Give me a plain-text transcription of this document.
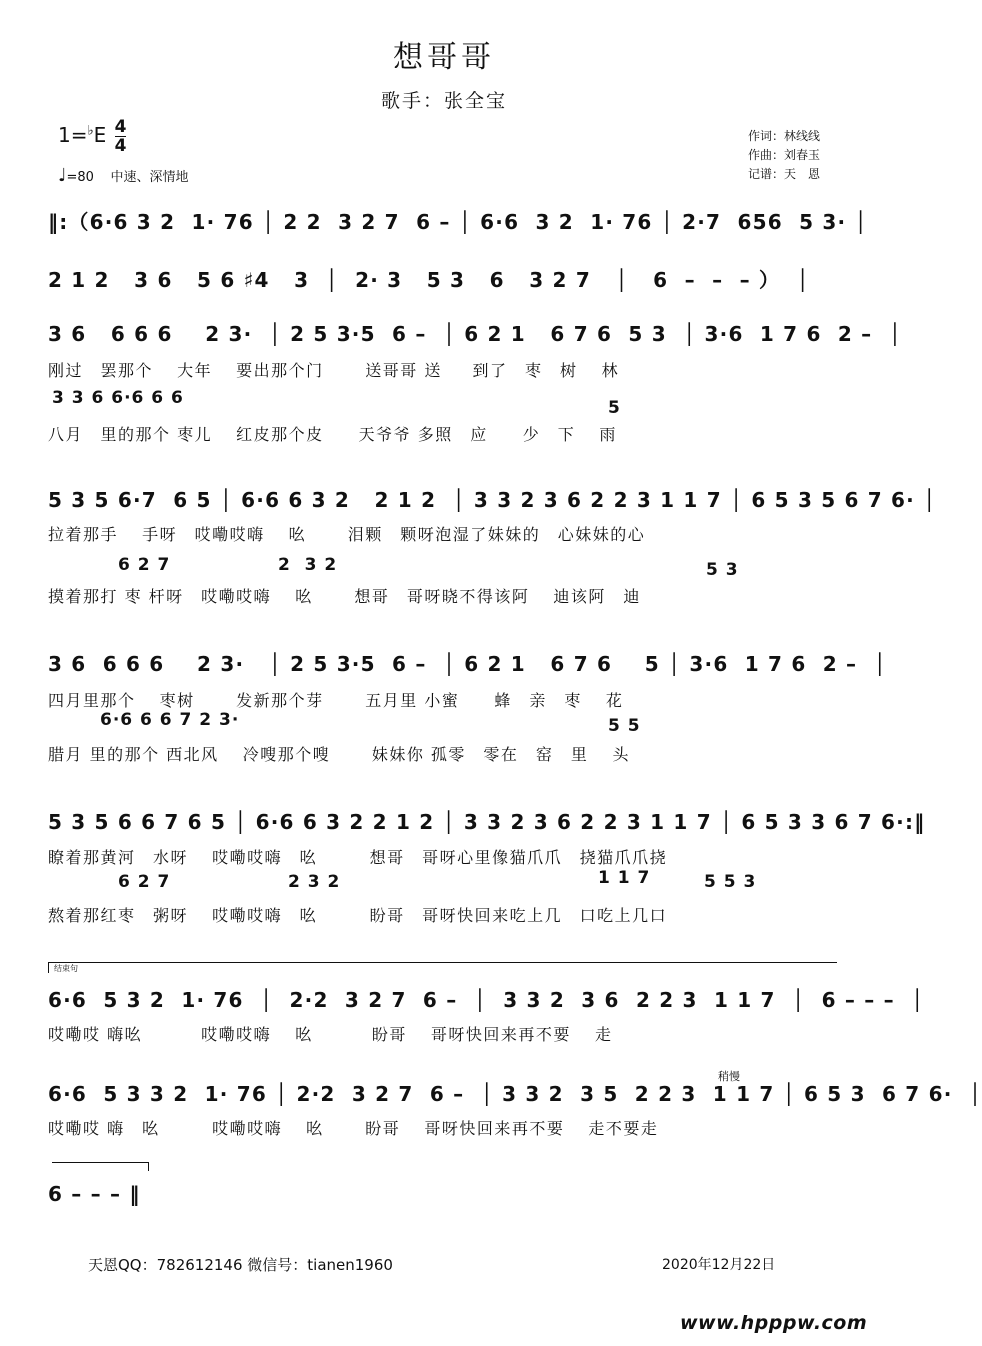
想哥哥
歌手：张全宝
$1=^♭E \frac{4}{4}$
♩=80 中速、深情地
作词：林线线
作曲：刘春玉
记谱：天　恩
‖:（6·6 3 2  1· 76 │ 2 2  3 2 7  6 – │ 6·6  3 2  1· 76 │ 2·7  656  5 3· │
2 1 2   3 6   5 6 ♯4   3  │  2· 3   5 3   6   3 2 7   │   6  –  –  – ）  │
3 6   6 6 6    2 3·  │ 2 5 3·5  6 –  │ 6 2 1   6 7 6  5 3  │ 3·6  1 7 6  2 –  │
刚过　罢那个　 大年　 要出那个门　　 送哥哥 送 　 到了　枣　树　 林
3 3 6 6·6 6 6	5
八月　里的那个 枣儿　 红皮那个皮　　天爷爷 多照　应　　少　下　 雨
5 3 5 6·7  6 5 │ 6·6 6 3 2   2 1 2  │ 3 3 2 3 6 2 2 3 1 1 7 │ 6 5 3 5 6 7 6· │
拉着那手　 手呀　哎嘞哎嗨　 吆　　 泪颗　颗呀泡湿了妹妹的　心妹妹的心
6 2 7	2  3 2	5 3
摸着那打 枣 杆呀　哎嘞哎嗨　 吆　　 想哥　哥呀晓不得该阿　 迪该阿　迪
3 6  6 6 6    2 3·   │ 2 5 3·5  6 –  │ 6 2 1   6 7 6    5 │ 3·6  1 7 6  2 –  │
四月里那个　 枣树　　 发新那个芽　　 五月里 小蜜　　蜂　亲　枣　 花
6·6 6 6 7 2 3·	5 5
腊月 里的那个 西北风　 冷嗖那个嗖　　 妹妹你 孤零　零在　窑　里　 头
5 3 5 6 6 7 6 5 │ 6·6 6 3 2 2 1 2 │ 3 3 2 3 6 2 2 3 1 1 7 │ 6 5 3 3 6 7 6·:‖
瞭着那黄河　水呀　 哎嘞哎嗨　吆　　　想哥　哥呀心里像猫爪爪　挠猫爪爪挠
6 2 7	2 3 2	1 1 7	5 5 3
熬着那红枣　粥呀　 哎嘞哎嗨　吆　　　盼哥　哥呀快回来吃上几　口吃上几口
结束句
6·6  5 3 2  1· 76  │  2·2  3 2 7  6 –  │  3 3 2  3 6  2 2 3  1 1 7  │  6 – – –  │
哎嘞哎 嗨吆　　　 哎嘞哎嗨　 吆　　　 盼哥　 哥呀快回来再不要　 走
稍慢
6·6  5 3 3 2  1· 76 │ 2·2  3 2 7  6 –  │ 3 3 2  3 5  2 2 3  1 1 7 │ 6 5 3  6 7 6·  │
哎嘞哎 嗨　吆　　　哎嘞哎嗨　 吆　　 盼哥　 哥呀快回来再不要　 走不要走
6 – – – ‖
天恩QQ：782612146 微信号：tianen1960	2020年12月22日
www.hpppw.com
